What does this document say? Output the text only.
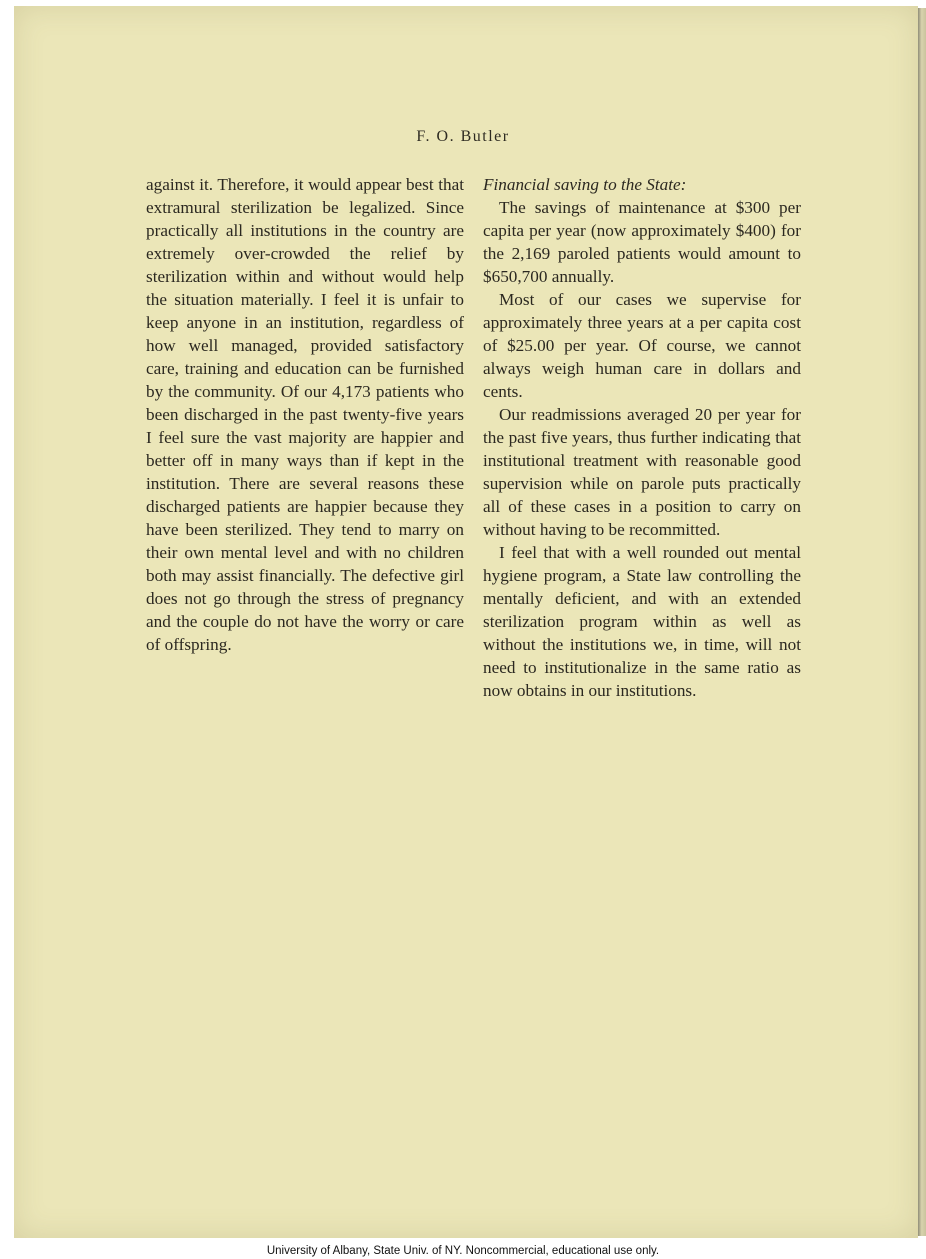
F. O. Butler

against it. Therefore, it would appear best that extramural sterilization be legalized. Since practically all institutions in the country are extremely over-crowded the relief by sterilization within and without would help the situation materially. I feel it is unfair to keep anyone in an institution, regardless of how well managed, provided satisfactory care, training and education can be furnished by the community. Of our 4,173 patients who been discharged in the past twenty-five years I feel sure the vast majority are happier and better off in many ways than if kept in the institution. There are several reasons these discharged patients are happier because they have been sterilized. They tend to marry on their own mental level and with no children both may assist financially. The defective girl does not go through the stress of pregnancy and the couple do not have the worry or care of offspring.

Financial saving to the State:

The savings of maintenance at $300 per capita per year (now approximately $400) for the 2,169 paroled patients would amount to $650,700 annually.

Most of our cases we supervise for approximately three years at a per capita cost of $25.00 per year. Of course, we cannot always weigh human care in dollars and cents.

Our readmissions averaged 20 per year for the past five years, thus further indicating that institutional treatment with reasonable good supervision while on parole puts practically all of these cases in a position to carry on without having to be recommitted.

I feel that with a well rounded out mental hygiene program, a State law controlling the mentally deficient, and with an extended sterilization program within as well as without the institutions we, in time, will not need to institutionalize in the same ratio as now obtains in our institutions.

University of Albany, State Univ. of NY. Noncommercial, educational use only.
